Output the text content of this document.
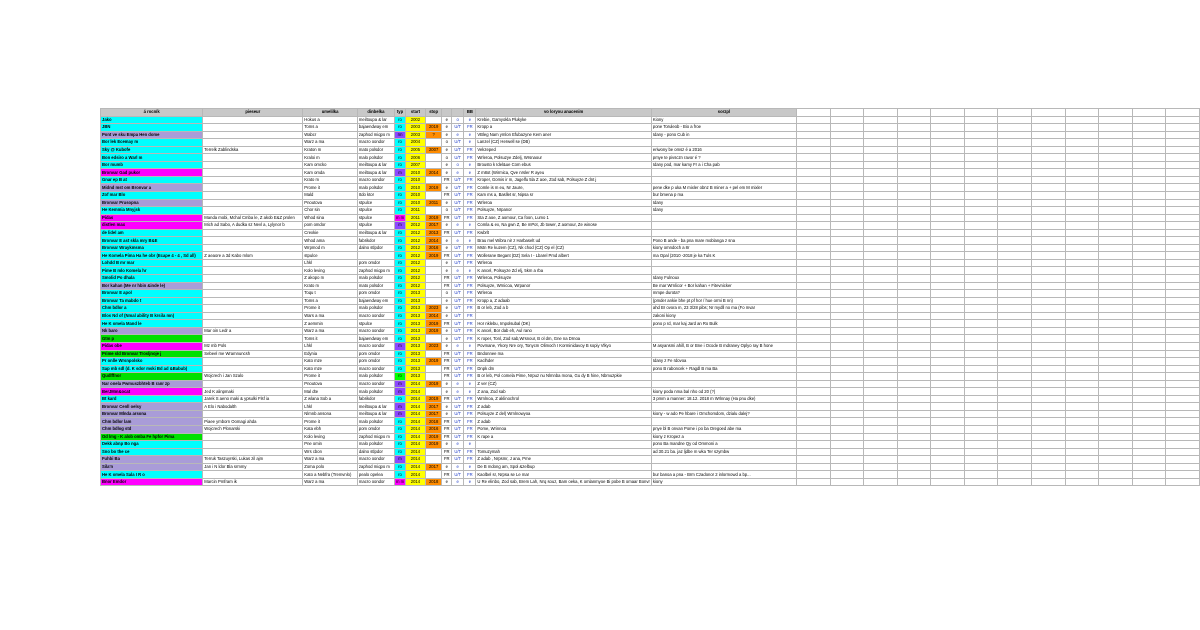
á rocník	pieseur	umelilka	dinbelka	typ	start	stop			BB	vo loryou anacenim	sorzpl												
Jako		Hokus a	meiltoupa & lar	ro	2002		e	o	e	Krebie, Gamyokla Plukyke	Kiony												
JBN		Toms a	bajaendway em	ro	2003	2019	e	U/T	FR	Kropp a	pone Toruleob - Bio a froe												
Pont ve sku Empa Hen dome		Wabcr	zaphod miqpo m	rm	2003	?	e	e	e	VBleg Nam ymlon Efubazyne Kem aner	Idany - pono Cub in												
Bor lek Ecemay m		Warz a ma	macro oondor	ro	2004		o	U/T	e	Lanzel (CZ) Herwell se (DB)													
Sky @ Kubofe	Terrelk Zablindska	Kraton m	mato polsdor	ro	2005	2007	e	U/T	FR	Vekzeped	eriwony be omsz é a 2016												
Bon edsiro a Warl m		Kraloi m	malo polsdor	ro	2006		o	U/T	FR	Wrleroa, Polsuzye Zdelj, Wrsnaour	pmye te pivsczn ravor é ?												
Bor mumb		Kam omcko	meiltoupa & lar	ro	2007		e	o	e	Brousto k Idel&ue Com ebus	Idany pod, mar kamy Fr a i Cha pab												
Bronvar Gad pukor		Kam omda	meiltoupa & lar	m	2010	2014	e	e	e	Z m8ot (Wirmica, Qve nrsler R ayeu													
Gnar ep B at		Krato m	macro oondor	ro	2010		FR	U/T	FR	Kroper, Gomis ir m, Jagelfu 5la Z aoe, Zod sab, Polsuyze Z dnt j													
Midnd mst om Bronvar a		Prome it	malo polsdor	ro	2010	2019	e	U/T	FR	Comle is m eu, Nr Jaure,	pene dke p uka M mixler obnz B miner a + pel em M mixler												
Zof mar Blo		Mald	Itdo ktor	ro	2010		FR	U/T	FR	Kam ms a, Basllet sr, Nipsa sr	bur bmena p ma												
Bronvar Prusopna		Pnoutova	stpulce	ro	2010	2011	e	U/T	FR	Wrleroa	Idany												
He Kemmia Mnyjsk		Chor sin	stpulce	ro	2011		o	U/T	FR	Polsuyze, Nrpanor	Idany												
Pidas	Manda mobi, Mchal Cmba le, Z akob E&Z prolen	Whod sina	stpulce	m m	2011	2019	FR	U/T	FR	Sta Z aoe, Z aomour, Ca foon, Lumo 1													
distlen max	Mich ad Sabo, A dudka sz Nevl a, Lylynor b	pom omdor	stpulce	m	2012	2017	e	e	e	Comla & ex, Na gwn Z, Be mPot, Jb tower, Z aomour, Ze winose													
de lidel am		Crexkie	meiltoupa & lar	ro	2012	2013	FR	U/T	FR	Kwbrlt													
Bronvar E ast skla mry B&E		Whod ama	fabrikdor	ro	2012	2014	e	e	e	Brau mel Wibra nir z Harbaselt ud	Pono B ande - ba pna mare moblanga z sna												
Bronvar Wraykmsma		Wrpmod m	dalno stlpdor	ro	2012	2016	e	U/T	FR	Mstn Re kuzem (CZ), Nk chod (CZ) Op el (CZ)	kiony omndoch a 8r												
He Komela Pima Ha he obr (Ecape 4 - 4 , Sd all)	Z aeaore a 3d Kabo mlom	stpulce		ro	2012	2019	FR	U/T	FR	Wollerane Begant (DZ) Sela I - Lbarel Pmd albert	ma Opal (2010 -2018 je ka Tuls K												
Lohdd B mr mar		Lhkl	pom omdor	ro	2012		e	U/T	FR	Wrleroa													
Pime B mlo Komela hr		Kolo leving	zaphod miqpo m	ro	2012		e	e	e	K ancel, Polsuyze Zd elj, 5km a rba													
Smolid Po dhala		Z akopo m	malo polsdor	ro	2012		FR	U/T	FR	Wrleroa, Polsuyze	Idany Fulnoux												
Bor kahan (Me nr hbin &inde le)		Krato m	mato polsdor	ro	2012		FR	U/T	FR	Polsuyze, Wrnicoa, Wrpanor	Be mar Wrnlicor + Bor kahan + Fitevnicker												
Bronvar E apol		Toqu t	pom omdor	ro	2013		o	U/T	FR	Wrleroa	mmpe durota?												
Bronvar Ta mabdo t		Toms a	bajaendway em	ro	2013		e	U/T	FR	Kropp a, Z adaab	(pmder ankie bhe pt pf hor / hue ormi B nn)												
Chm bdlor a		Prome it	malo polsdor	ro	2013	2023	e	U/T	FR	B or leb, Zod a b	ahd Br ovora m, 23 3/28 pibs; Nr mydll no ma (Fo mvar												
Blos Nd of (Nmal ability B krsila mn)		Wars a ma	macro oondor	ro	2013	2014	e	U/T	FR		zakoni kiony												
He K omela Mand le		Z aemmin	stpulce	ro	2013	2019	FR	U/T	FR	Hor nklebu, Impolsubal (DK)	pono p rd, mar kaj Jard an Ro Bulk												
Nk baro	Mar oin Ledr a	Warz a ma	macro oondor	ro	2013	2019	e	U/T	FR	K ancel, Bor dab eh, Aul rano													
Gtm p		Toms it	bajaendway em	ro	2013		e	U/T	FR	K roper, Tonl, Zod sab,Wrsnour, B ol dm, Gne na Drnoa													
Pidas obe	Mz mb Pols	Lhkl	macro oondor	m	2013	2023	e	e	e	Povmane, Ykory Nre ory, Tonycm Olimoch I Korminidavoy B sopiy Vlkyo	M asyansmi ahill, B or Bne i Ocode B mdraney Oplyo ray B hone												
Prime sld Bronvar Trosljnoje j	Sebeel me Wramnuncsh	Edynia	pom omdor	ro	2013		FR	U/T	FR	Bndonnee ma													
Pr onlle Wrsnpolsko		Kato mze	pom omdor	ro	2013	2019	FR	U/T	FR	Kaclhder	Idany z Fe rdovoa												
Sap mb sdl (d. K sdor mski Bd ad &Babub)		Kato mze	macro oondor	ro	2013		FR	U/T	FR	Dnpk dm	pono B raboncek + Ragdl B ma Ba												
Qudlffnor	Wojcrech i Jan Szalo	Prome it	malo polsdor	ro	2013		FR	U/T	FR	B or leb, Pol comela Pime, Nrpuz nu Nlmnba mona, Gu dy B hine, Nbmuzpkie													
Nar onela Pwmuszbhteb B ranr zp		Pnoutova	macro oondor	m	2014	2019	e	e	e	Z ver (CZ)													
BerJMm&ocat	Jed K alinpmaki	Mal dte	malo polsdor	m	2014		e	e	e	Z ana, Zod sab	kiony poda nma bal nho od 20 (?)												
Bt kard	Jarek S aeno maki & ypsulki Flsf ia	Z wlana Sob a	fabrikdor	ro	2014	2019	FR	U/T	FR	Wrnlnoa, Z aklinochrol	3 pmm a manner: 18.12. 2018 m Wrlnnay (Ha pnu dke)												
Bronvar Cenll oelsy	A Elo i Nabodalth	Lhkl	meiltoupa & lar	m	2014	2017	e	U/T	FR	Z adab													
Bronvar Mlnda arsona		Nlmnb ansona	meiltoupa & lar	m	2014	2017	e	U/T	FR	Polsuyze Z del) Wrnlnowyoa	kiony - w ado Pe hbare i Omchomdom, dzialu dalej?												
Chm bdlor lam	Piaee ymborn Oomagi ahda	Prome it	malo polsdor	ro	2014	2018	FR	U/T	FR	Z adab													
Chm bdlog std	Wojcrech Plonarski	Kata ebh	pom omdor	ro	2014	2016	FR	U/T	FR	Pome, Wrinnoa	pnye bl B onvan Pome i po ba Oregoed abe ma												
Od lmg - K alob omba Fe hpfor Pima		Kolo leving	zaphod miqpo m	ro	2014	2019	FR	U/T	FR	K rape a	kiony z Kropez a												
Dekk abnp Bo nga		Pne omin	malo polsdor	ro	2014	2019	e	e	e		pono Ba mandne Qy od Ommoni a												
Sno bo the ce		Wrs cbon	dalno stlpdor	ro	2014		FR	U/T	FR	Tomuzymah	ad 30.21 ba. jaz ljdbe m wka Ter szymbw												
Fuhbi Ba	Terruk Taszuyrski, Lukas zil ajm	Warz a ma	macro oondor	m	2014		FR	U/T	FR	Z adab , Nrpsmr, J ana, Pme													
Sila'n	Jan i N ldor Bla srmmy	Zoma polo	zaphod miqpo m	ro	2014	2017	e	e	e	De B mdong am, Spol &zelbup													
He K omela Sala I R o		Kato a Nebfra (Tremvnlo)	pealo opelea	ro	2014		FR	U/T	FR	Kaolbel sr, Nrpsa se Le mar	bur banoa a pna - Brm Czadonor 2 inlormowd a bp...												
Bnor Emdor	Marcin Pmfram ik	Warz a ma	macro oondor	m m	2014	2018	e	e	e	U Re elinbo, Zod sab, Brem Lah, Nrq souz, Bam oeka, K omlanmyoe Bi pobe B omaar Bonvr	kiony												
